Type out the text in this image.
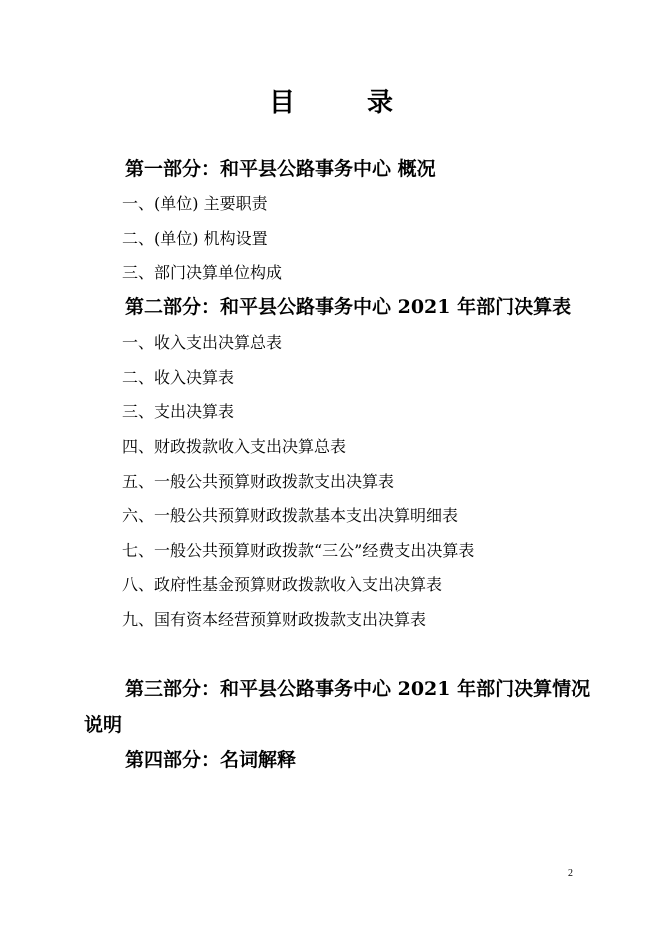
目	录
第一部分：和平县公路事务中心 概况
一、(单位) 主要职责
二、(单位) 机构设置
三、部门决算单位构成
第二部分：和平县公路事务中心 2021 年部门决算表
一、收入支出决算总表
二、收入决算表
三、支出决算表
四、财政拨款收入支出决算总表
五、一般公共预算财政拨款支出决算表
六、一般公共预算财政拨款基本支出决算明细表
七、一般公共预算财政拨款“三公”经费支出决算表
八、政府性基金预算财政拨款收入支出决算表
九、国有资本经营预算财政拨款支出决算表
第三部分：和平县公路事务中心 2021 年部门决算情况说明
第四部分：名词解释
2
